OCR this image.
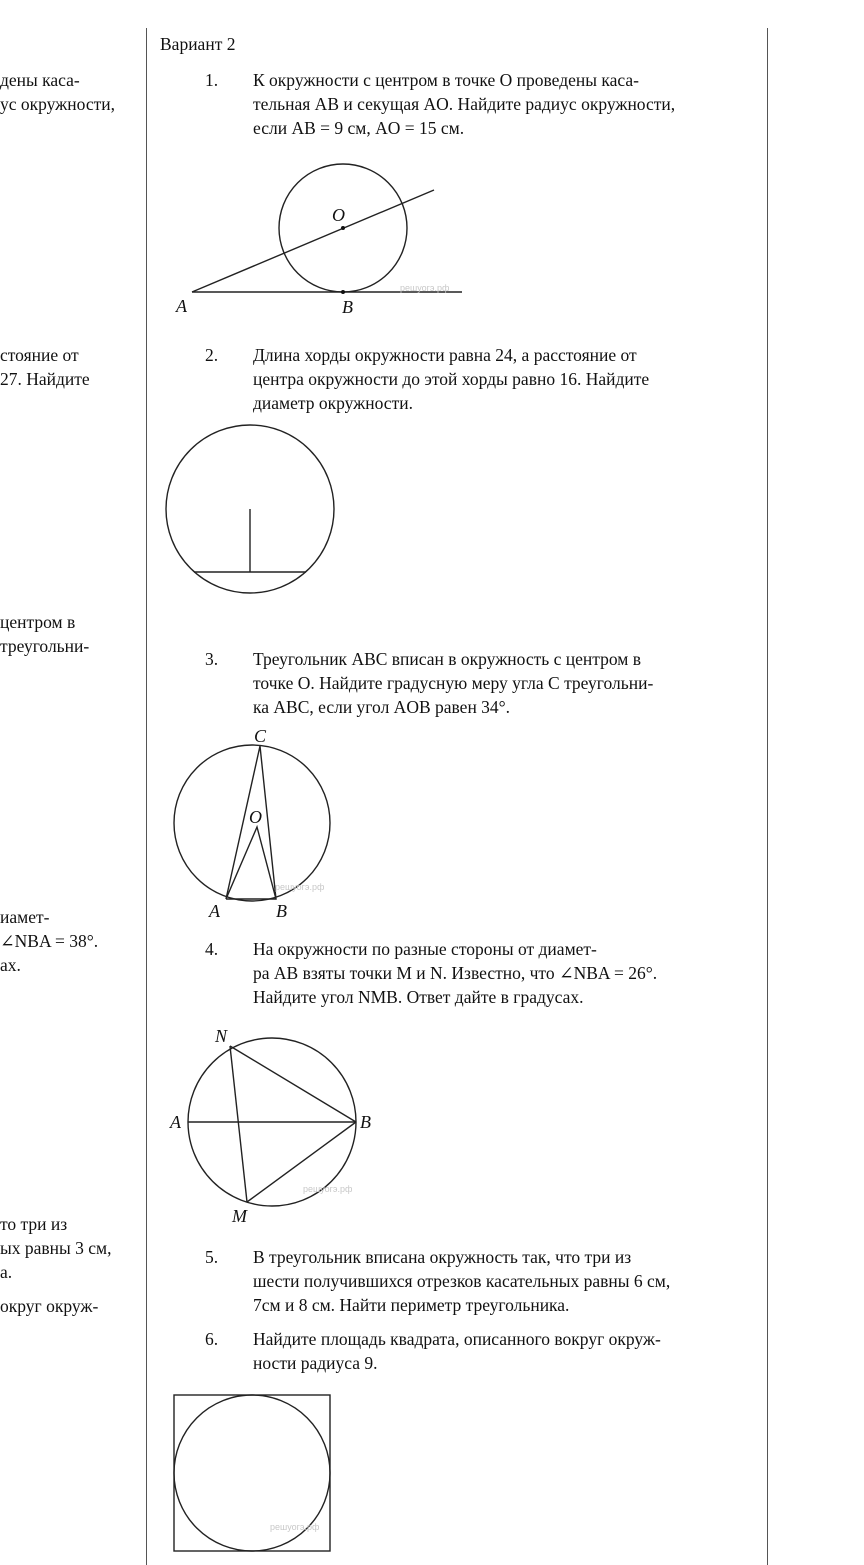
дены каса-
ус окружности,
стояние от
27. Найдите
центром в
треугольни-
иамет-
∠NBA = 38°.
ах.
то три из
ых равны 3 см,
а.
округ окруж-
Вариант 2
1. К окружности с центром в точке O проведены каса-
тельная AB и секущая AO. Найдите радиус окружности,
если AB = 9 см, AO = 15 см.
O
A	B
решуогэ.рф
2. Длина хорды окружности равна 24, а расстояние от
центра окружности до этой хорды равно 16. Найдите
диаметр окружности.
3. Треугольник ABC вписан в окружность с центром в
точке O. Найдите градусную меру угла C треугольни-
ка ABC, если угол AOB равен 34°.
C
O
A	B
решуогэ.рф
4. На окружности по разные стороны от диамет-
ра AB взяты точки M и N. Известно, что ∠NBA = 26°.
Найдите угол NMB. Ответ дайте в градусах.
N
A	B
M
решуогэ.рф
5. В треугольник вписана окружность так, что три из
шести получившихся отрезков касательных равны 6 см,
7см и 8 см. Найти периметр треугольника.
6. Найдите площадь квадрата, описанного вокруг окруж-
ности радиуса 9.
решуогэ.рф
